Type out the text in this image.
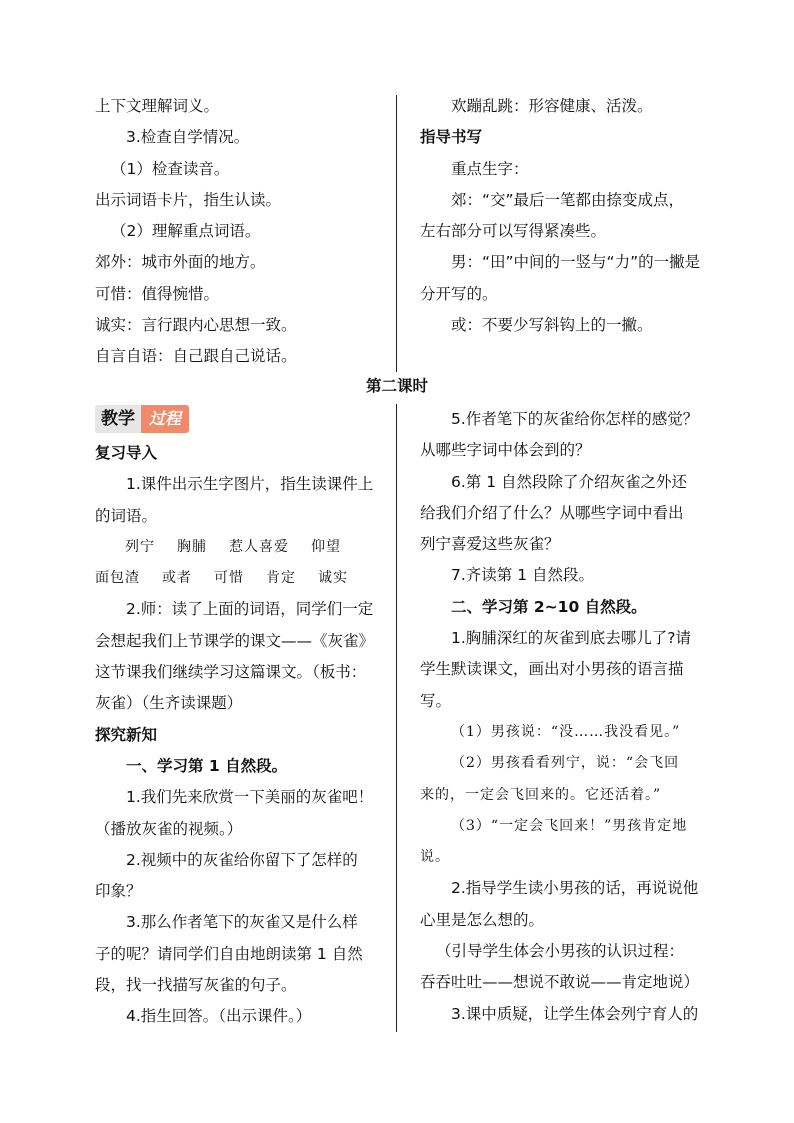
上下文理解词义。

3.检查自学情况。

（1）检查读音。

出示词语卡片，指生认读。

（2）理解重点词语。

郊外：城市外面的地方。

可惜：值得惋惜。

诚实：言行跟内心思想一致。

自言自语：自己跟自己说话。

欢蹦乱跳：形容健康、活泼。

指导书写

重点生字：

郊：“交”最后一笔都由捺变成点，

左右部分可以写得紧凑些。

男：“田”中间的一竖与“力”的一撇是

分开写的。

或：不要少写斜钩上的一撇。

第二课时
教学 过程

复习导入

1.课件出示生字图片，指生读课件上

的词语。

列宁 胸脯 惹人喜爱 仰望

面包渣 或者 可惜 肯定 诚实

2.师：读了上面的词语，同学们一定

会想起我们上节课学的课文——《灰雀》

这节课我们继续学习这篇课文。（板书：

灰雀）（生齐读课题）

探究新知

一、学习第 1 自然段。

1.我们先来欣赏一下美丽的灰雀吧！

（播放灰雀的视频。）

2.视频中的灰雀给你留下了怎样的

印象？

3.那么作者笔下的灰雀又是什么样

子的呢？请同学们自由地朗读第 1 自然

段，找一找描写灰雀的句子。

4.指生回答。（出示课件。）

5.作者笔下的灰雀给你怎样的感觉？

从哪些字词中体会到的？

6.第 1 自然段除了介绍灰雀之外还

给我们介绍了什么？从哪些字词中看出

列宁喜爱这些灰雀？

7.齐读第 1 自然段。

二、学习第 2~10 自然段。

1.胸脯深红的灰雀到底去哪儿了?请

学生默读课文，画出对小男孩的语言描

写。

（1）男孩说：“没……我没看见。”

（2）男孩看看列宁，说：“会飞回

来的，一定会飞回来的。它还活着。”

（3）“一定会飞回来！”男孩肯定地

说。

2.指导学生读小男孩的话，再说说他

心里是怎么想的。

（引导学生体会小男孩的认识过程：

吞吞吐吐——想说不敢说——肯定地说）

3.课中质疑，让学生体会列宁育人的
